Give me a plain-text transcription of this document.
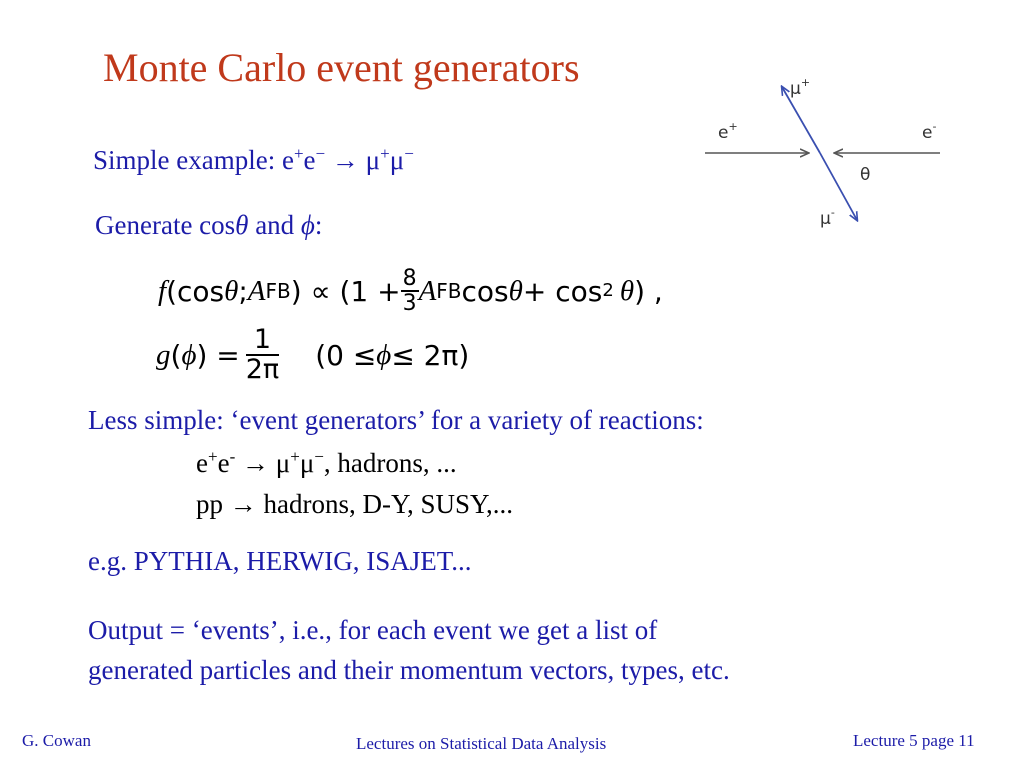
Monte Carlo event generators
Simple example: e+e− → μ+μ−
Generate cosθ and ϕ:
f (cos θ ; A FB ) ∝ ($1 + \frac{8}{3}$ A FB cos θ + cos 2 θ ) ,
g ( ϕ ) = $\frac{1}{2\pi} (0 \le \phi \le 2\pi)$
Less simple: ‘event generators’ for a variety of reactions:
e+e- → μ+μ−, hadrons, ...
pp → hadrons, D-Y, SUSY,...
e.g. PYTHIA, HERWIG, ISAJET...
Output = ‘events’, i.e., for each event we get a list of
generated particles and their momentum vectors, types, etc.
μ+
e+	e-
θ
μ-
G. Cowan	Lectures on Statistical Data Analysis	Lecture 5 page 11
